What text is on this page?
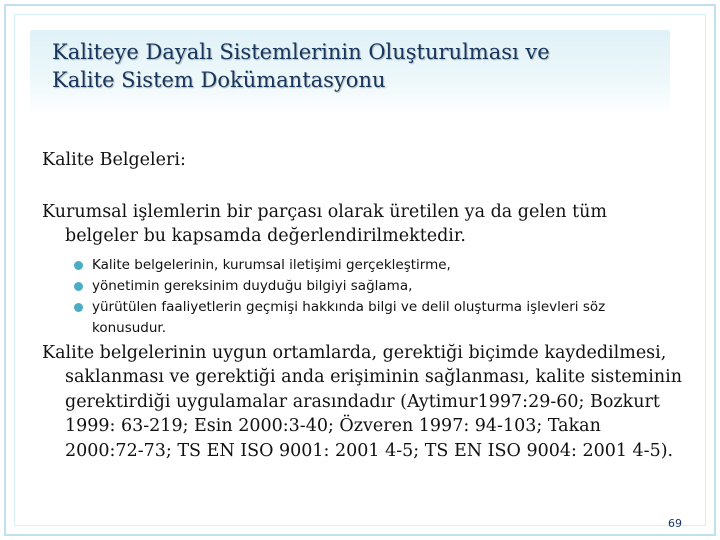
Kaliteye Dayalı Sistemlerinin Oluşturulması ve
Kalite Sistem Dokümantasyonu

Kalite Belgeleri:

Kurumsal işlemlerin bir parçası olarak üretilen ya da gelen tüm belgeler bu kapsamda değerlendirilmektedir.

Kalite belgelerinin, kurumsal iletişimi gerçekleştirme,
yönetimin gereksinim duyduğu bilgiyi sağlama,
yürütülen faaliyetlerin geçmişi hakkında bilgi ve delil oluşturma işlevleri söz konusudur.

Kalite belgelerinin uygun ortamlarda, gerektiği biçimde kaydedilmesi, saklanması ve gerektiği anda erişiminin sağlanması, kalite sisteminin gerektirdiği uygulamalar arasındadır (Aytimur1997:29-60; Bozkurt 1999: 63-219; Esin 2000:3-40; Özveren 1997: 94-103; Takan 2000:72-73; TS EN ISO 9001: 2001 4-5; TS EN ISO 9004: 2001 4-5).

69
